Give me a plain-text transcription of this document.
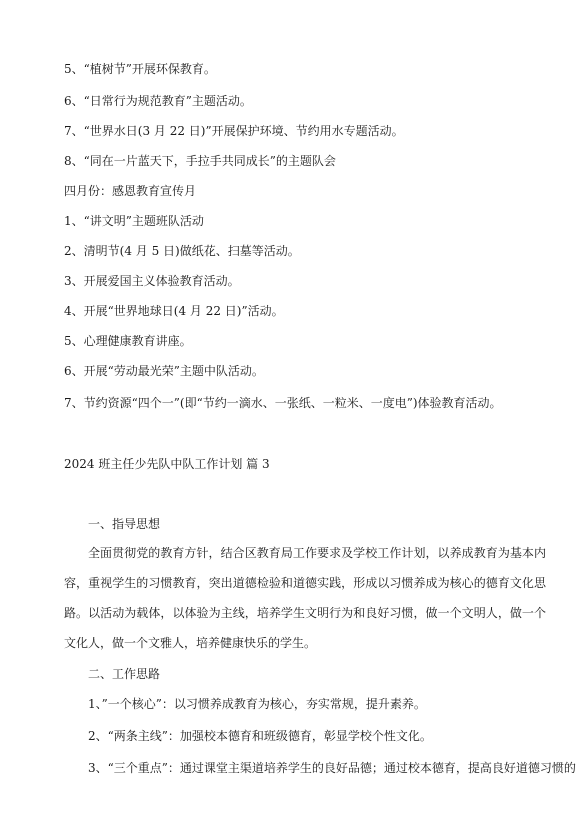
5、“植树节”开展环保教育。
6、“日常行为规范教育”主题活动。
7、“世界水日(3 月 22 日)”开展保护环境、节约用水专题活动。
8、“同在一片蓝天下，手拉手共同成长”的主题队会
四月份：感恩教育宣传月
1、“讲文明”主题班队活动
2、清明节(4 月 5 日)做纸花、扫墓等活动。
3、开展爱国主义体验教育活动。
4、开展“世界地球日(4 月 22 日)”活动。
5、心理健康教育讲座。
6、开展“劳动最光荣”主题中队活动。
7、节约资源“四个一”(即“节约一滴水、一张纸、一粒米、一度电”)体验教育活动。
2024 班主任少先队中队工作计划 篇 3
一、指导思想
全面贯彻党的教育方针，结合区教育局工作要求及学校工作计划，以养成教育为基本内容，重视学生的习惯教育，突出道德检验和道德实践，形成以习惯养成为核心的德育文化思路。以活动为载体，以体验为主线，培养学生文明行为和良好习惯，做一个文明人，做一个文化人，做一个文雅人，培养健康快乐的学生。
二、工作思路
1、”一个核心”：以习惯养成教育为核心，夯实常规，提升素养。
2、“两条主线”：加强校本德育和班级德育，彰显学校个性文化。
3、“三个重点”：通过课堂主渠道培养学生的良好品德；通过校本德育，提高良好道德习惯的
